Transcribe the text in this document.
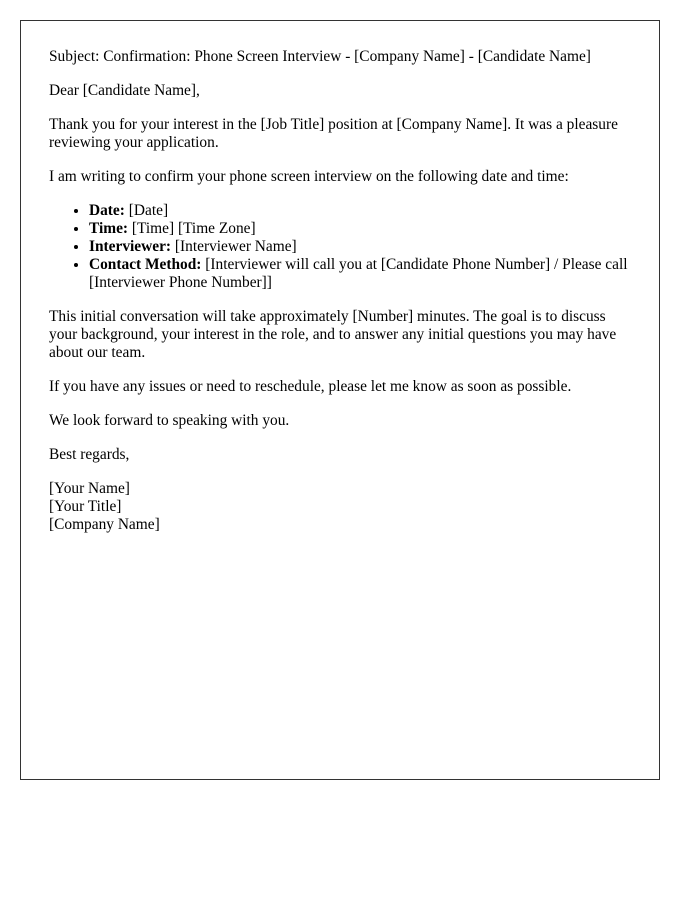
Subject: Confirmation: Phone Screen Interview - [Company Name] - [Candidate Name]

Dear [Candidate Name],

Thank you for your interest in the [Job Title] position at [Company Name]. It was a pleasure reviewing your application.

I am writing to confirm your phone screen interview on the following date and time:

• Date: [Date]
• Time: [Time] [Time Zone]
• Interviewer: [Interviewer Name]
• Contact Method: [Interviewer will call you at [Candidate Phone Number] / Please call [Interviewer Phone Number]]

This initial conversation will take approximately [Number] minutes. The goal is to discuss your background, your interest in the role, and to answer any initial questions you may have about our team.

If you have any issues or need to reschedule, please let me know as soon as possible.

We look forward to speaking with you.

Best regards,

[Your Name]
[Your Title]
[Company Name]
